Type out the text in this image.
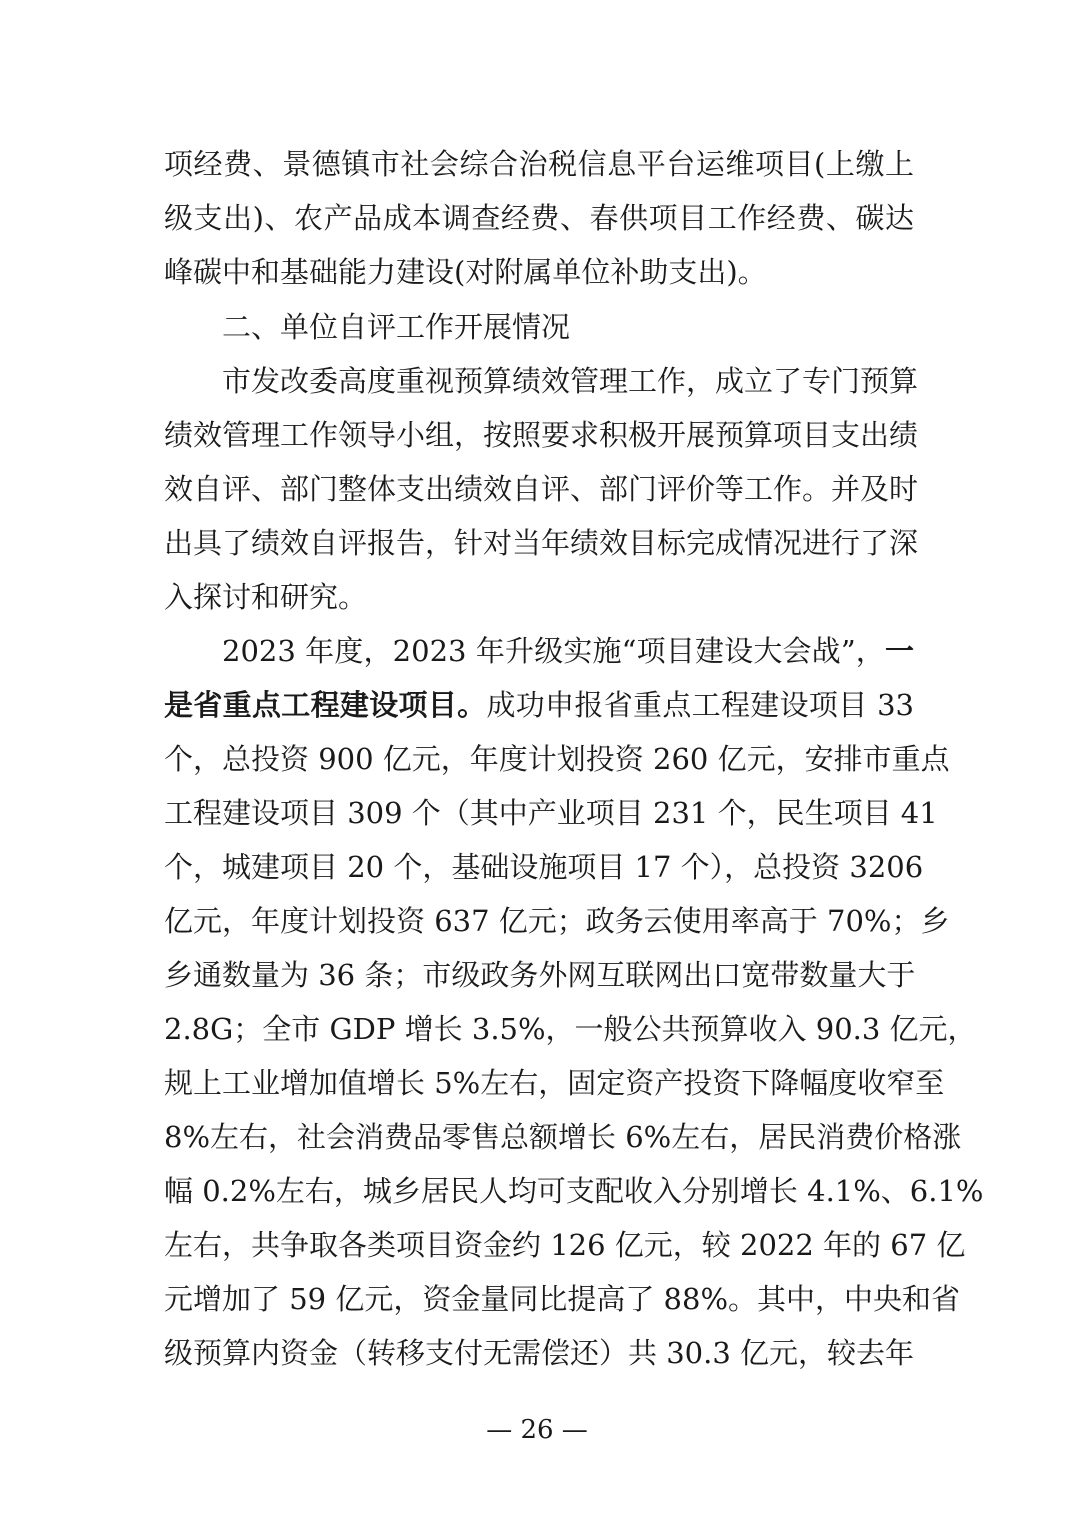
项经费、景德镇市社会综合治税信息平台运维项目(上缴上
级支出)、农产品成本调查经费、春供项目工作经费、碳达
峰碳中和基础能力建设(对附属单位补助支出)。
二、单位自评工作开展情况
市发改委高度重视预算绩效管理工作，成立了专门预算
绩效管理工作领导小组，按照要求积极开展预算项目支出绩
效自评、部门整体支出绩效自评、部门评价等工作。并及时
出具了绩效自评报告，针对当年绩效目标完成情况进行了深
入探讨和研究。
2023 年度，2023 年升级实施“项目建设大会战”，一
是省重点工程建设项目。成功申报省重点工程建设项目 33
个，总投资 900 亿元，年度计划投资 260 亿元，安排市重点
工程建设项目 309 个（其中产业项目 231 个，民生项目 41
个，城建项目 20 个，基础设施项目 17 个），总投资 3206
亿元，年度计划投资 637 亿元；政务云使用率高于 70%；乡
乡通数量为 36 条；市级政务外网互联网出口宽带数量大于
2.8G；全市 GDP 增长 3.5%，一般公共预算收入 90.3 亿元，
规上工业增加值增长 5%左右，固定资产投资下降幅度收窄至
8%左右，社会消费品零售总额增长 6%左右，居民消费价格涨
幅 0.2%左右，城乡居民人均可支配收入分别增长 4.1%、6.1%
左右，共争取各类项目资金约 126 亿元，较 2022 年的 67 亿
元增加了 59 亿元，资金量同比提高了 88%。其中，中央和省
级预算内资金（转移支付无需偿还）共 30.3 亿元，较去年
— 26 —
